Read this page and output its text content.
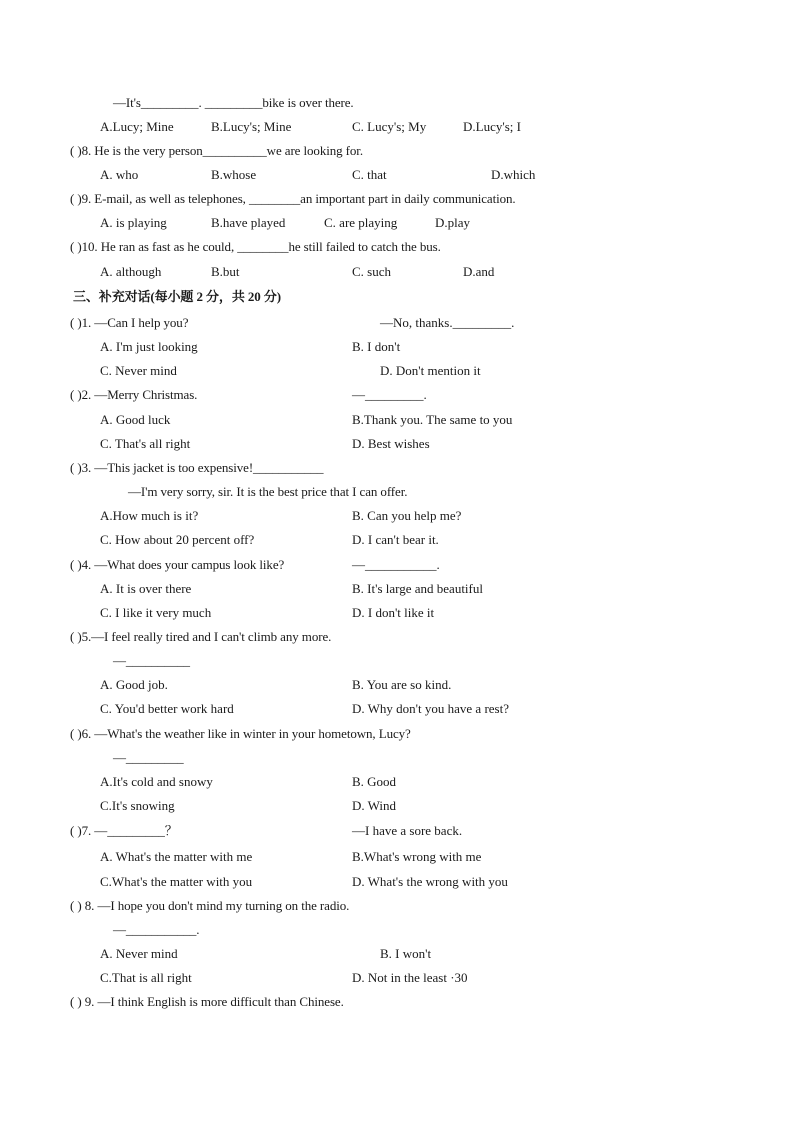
—It's_________. _________bike is over there.
A.Lucy; Mine	B.Lucy's; Mine	C. Lucy's; My	D.Lucy's; I
( )8. He is the very person__________we are looking for.
A. who	B.whose	C. that	D.which
( )9. E-mail, as well as telephones, ________an important part in daily communication.
A. is playing	B.have played	C. are playing	D.play
( )10. He ran as fast as he could, ________he still failed to catch the bus.
A. although	B.but	C. such	D.and
三、补充对话(每小题 2 分，共 20 分)
( )1. —Can I help you?	—No, thanks._________.
A. I'm just looking	B. I don't
C. Never mind	D. Don't mention it
( )2. —Merry Christmas.	—_________.
A. Good luck	B.Thank you. The same to you
C. That's all right	D. Best wishes
( )3. —This jacket is too expensive!___________
—I'm very sorry, sir. It is the best price that I can offer.
A.How much is it?	B. Can you help me?
C. How about 20 percent off?	D. I can't bear it.
( )4. —What does your campus look like?	—___________.
A. It is over there	B. It's large and beautiful
C. I like it very much	D. I don't like it
( )5.—I feel really tired and I can't climb any more.
—__________
A. Good job.	B. You are so kind.
C. You'd better work hard	D. Why don't you have a rest?
( )6. —What's the weather like in winter in your hometown, Lucy?
—_________
A.It's cold and snowy	B. Good
C.It's snowing	D. Wind
( )7. —_________？	—I have a sore back.
A. What's the matter with me	B.What's wrong with me
C.What's the matter with you	D. What's the wrong with you
( ) 8. —I hope you don't mind my turning on the radio.
—___________.
A. Never mind	B. I won't
C.That is all right	D. Not in the least ·30
( ) 9. —I think English is more difficult than Chinese.
